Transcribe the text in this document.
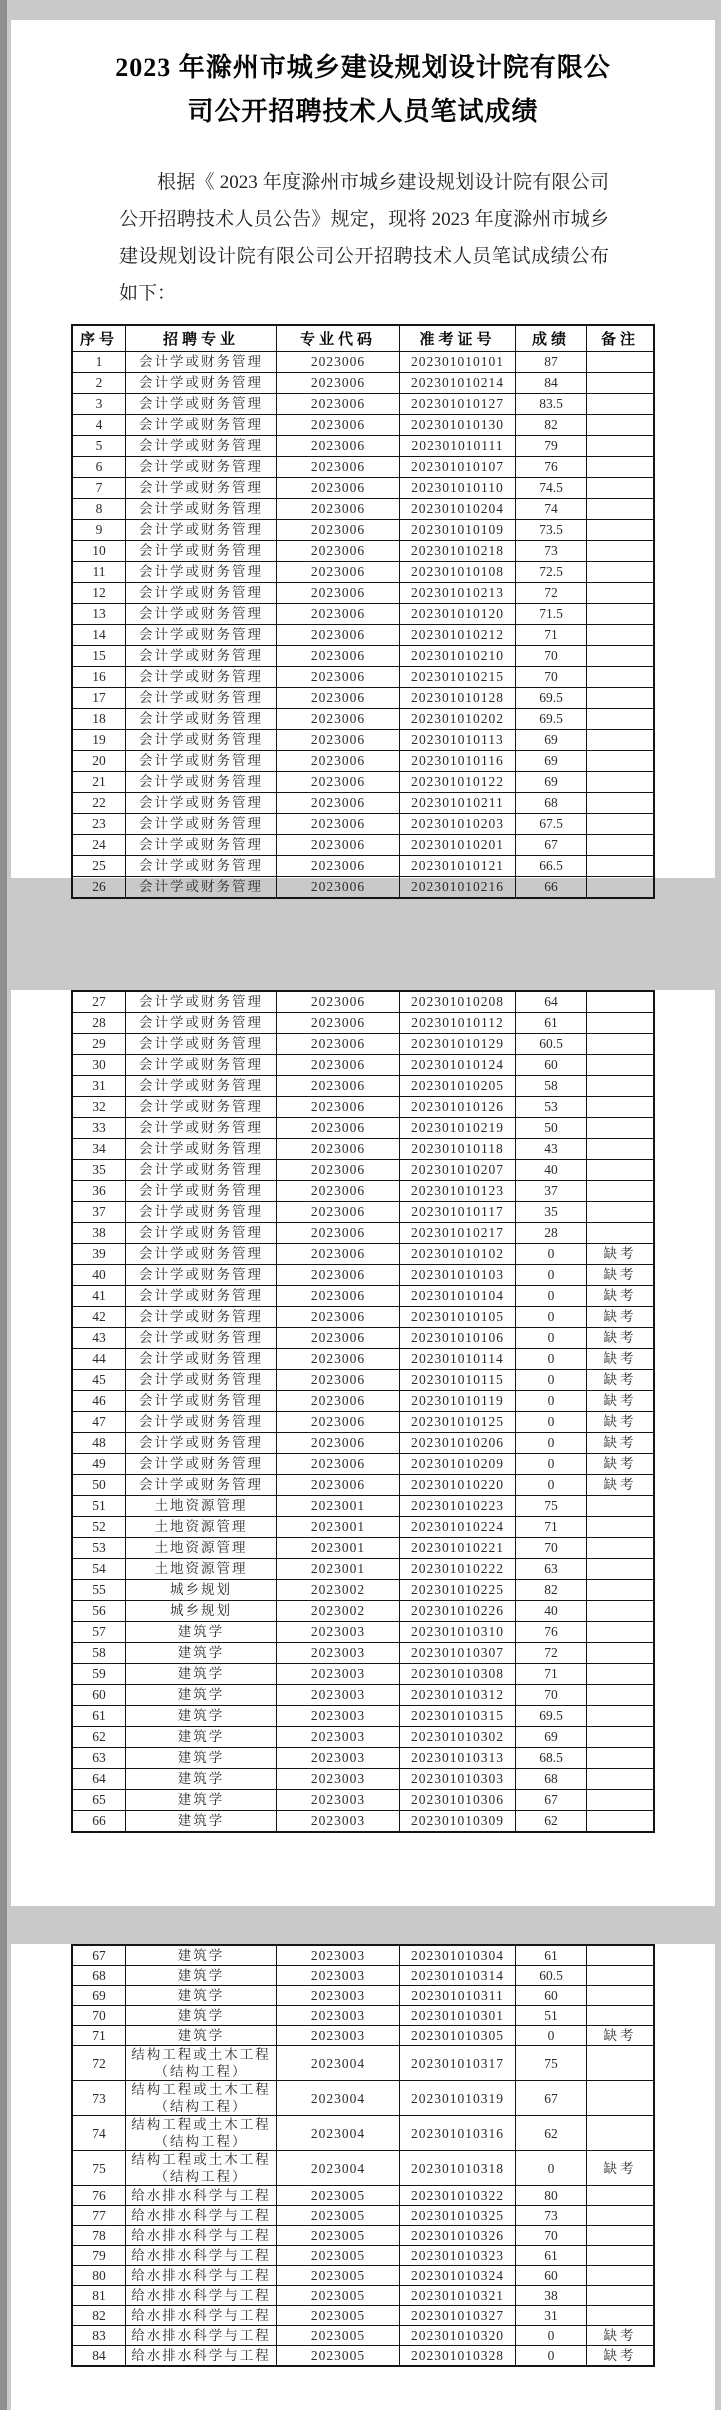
2023 年滁州市城乡建设规划设计院有限公司公开招聘技术人员笔试成绩
根据《 2023 年度滁州市城乡建设规划设计院有限公司公开招聘技术人员公告》规定，现将 2023 年度滁州市城乡建设规划设计院有限公司公开招聘技术人员笔试成绩公布如下：
序号	招聘专业	专业代码	准考证号	成绩	备注
1	会计学或财务管理	2023006	202301010101	87	
2	会计学或财务管理	2023006	202301010214	84	
3	会计学或财务管理	2023006	202301010127	83.5	
4	会计学或财务管理	2023006	202301010130	82	
5	会计学或财务管理	2023006	202301010111	79	
6	会计学或财务管理	2023006	202301010107	76	
7	会计学或财务管理	2023006	202301010110	74.5	
8	会计学或财务管理	2023006	202301010204	74	
9	会计学或财务管理	2023006	202301010109	73.5	
10	会计学或财务管理	2023006	202301010218	73	
11	会计学或财务管理	2023006	202301010108	72.5	
12	会计学或财务管理	2023006	202301010213	72	
13	会计学或财务管理	2023006	202301010120	71.5	
14	会计学或财务管理	2023006	202301010212	71	
15	会计学或财务管理	2023006	202301010210	70	
16	会计学或财务管理	2023006	202301010215	70	
17	会计学或财务管理	2023006	202301010128	69.5	
18	会计学或财务管理	2023006	202301010202	69.5	
19	会计学或财务管理	2023006	202301010113	69	
20	会计学或财务管理	2023006	202301010116	69	
21	会计学或财务管理	2023006	202301010122	69	
22	会计学或财务管理	2023006	202301010211	68	
23	会计学或财务管理	2023006	202301010203	67.5	
24	会计学或财务管理	2023006	202301010201	67	
25	会计学或财务管理	2023006	202301010121	66.5	
26	会计学或财务管理	2023006	202301010216	66	
27	会计学或财务管理	2023006	202301010208	64	
28	会计学或财务管理	2023006	202301010112	61	
29	会计学或财务管理	2023006	202301010129	60.5	
30	会计学或财务管理	2023006	202301010124	60	
31	会计学或财务管理	2023006	202301010205	58	
32	会计学或财务管理	2023006	202301010126	53	
33	会计学或财务管理	2023006	202301010219	50	
34	会计学或财务管理	2023006	202301010118	43	
35	会计学或财务管理	2023006	202301010207	40	
36	会计学或财务管理	2023006	202301010123	37	
37	会计学或财务管理	2023006	202301010117	35	
38	会计学或财务管理	2023006	202301010217	28	
39	会计学或财务管理	2023006	202301010102	0	缺考
40	会计学或财务管理	2023006	202301010103	0	缺考
41	会计学或财务管理	2023006	202301010104	0	缺考
42	会计学或财务管理	2023006	202301010105	0	缺考
43	会计学或财务管理	2023006	202301010106	0	缺考
44	会计学或财务管理	2023006	202301010114	0	缺考
45	会计学或财务管理	2023006	202301010115	0	缺考
46	会计学或财务管理	2023006	202301010119	0	缺考
47	会计学或财务管理	2023006	202301010125	0	缺考
48	会计学或财务管理	2023006	202301010206	0	缺考
49	会计学或财务管理	2023006	202301010209	0	缺考
50	会计学或财务管理	2023006	202301010220	0	缺考
51	土地资源管理	2023001	202301010223	75	
52	土地资源管理	2023001	202301010224	71	
53	土地资源管理	2023001	202301010221	70	
54	土地资源管理	2023001	202301010222	63	
55	城乡规划	2023002	202301010225	82	
56	城乡规划	2023002	202301010226	40	
57	建筑学	2023003	202301010310	76	
58	建筑学	2023003	202301010307	72	
59	建筑学	2023003	202301010308	71	
60	建筑学	2023003	202301010312	70	
61	建筑学	2023003	202301010315	69.5	
62	建筑学	2023003	202301010302	69	
63	建筑学	2023003	202301010313	68.5	
64	建筑学	2023003	202301010303	68	
65	建筑学	2023003	202301010306	67	
66	建筑学	2023003	202301010309	62	
67	建筑学	2023003	202301010304	61	
68	建筑学	2023003	202301010314	60.5	
69	建筑学	2023003	202301010311	60	
70	建筑学	2023003	202301010301	51	
71	建筑学	2023003	202301010305	0	缺考
72	结构工程或土木工程（结构工程）	2023004	202301010317	75	
73	结构工程或土木工程（结构工程）	2023004	202301010319	67	
74	结构工程或土木工程（结构工程）	2023004	202301010316	62	
75	结构工程或土木工程（结构工程）	2023004	202301010318	0	缺考
76	给水排水科学与工程	2023005	202301010322	80	
77	给水排水科学与工程	2023005	202301010325	73	
78	给水排水科学与工程	2023005	202301010326	70	
79	给水排水科学与工程	2023005	202301010323	61	
80	给水排水科学与工程	2023005	202301010324	60	
81	给水排水科学与工程	2023005	202301010321	38	
82	给水排水科学与工程	2023005	202301010327	31	
83	给水排水科学与工程	2023005	202301010320	0	缺考
84	给水排水科学与工程	2023005	202301010328	0	缺考
